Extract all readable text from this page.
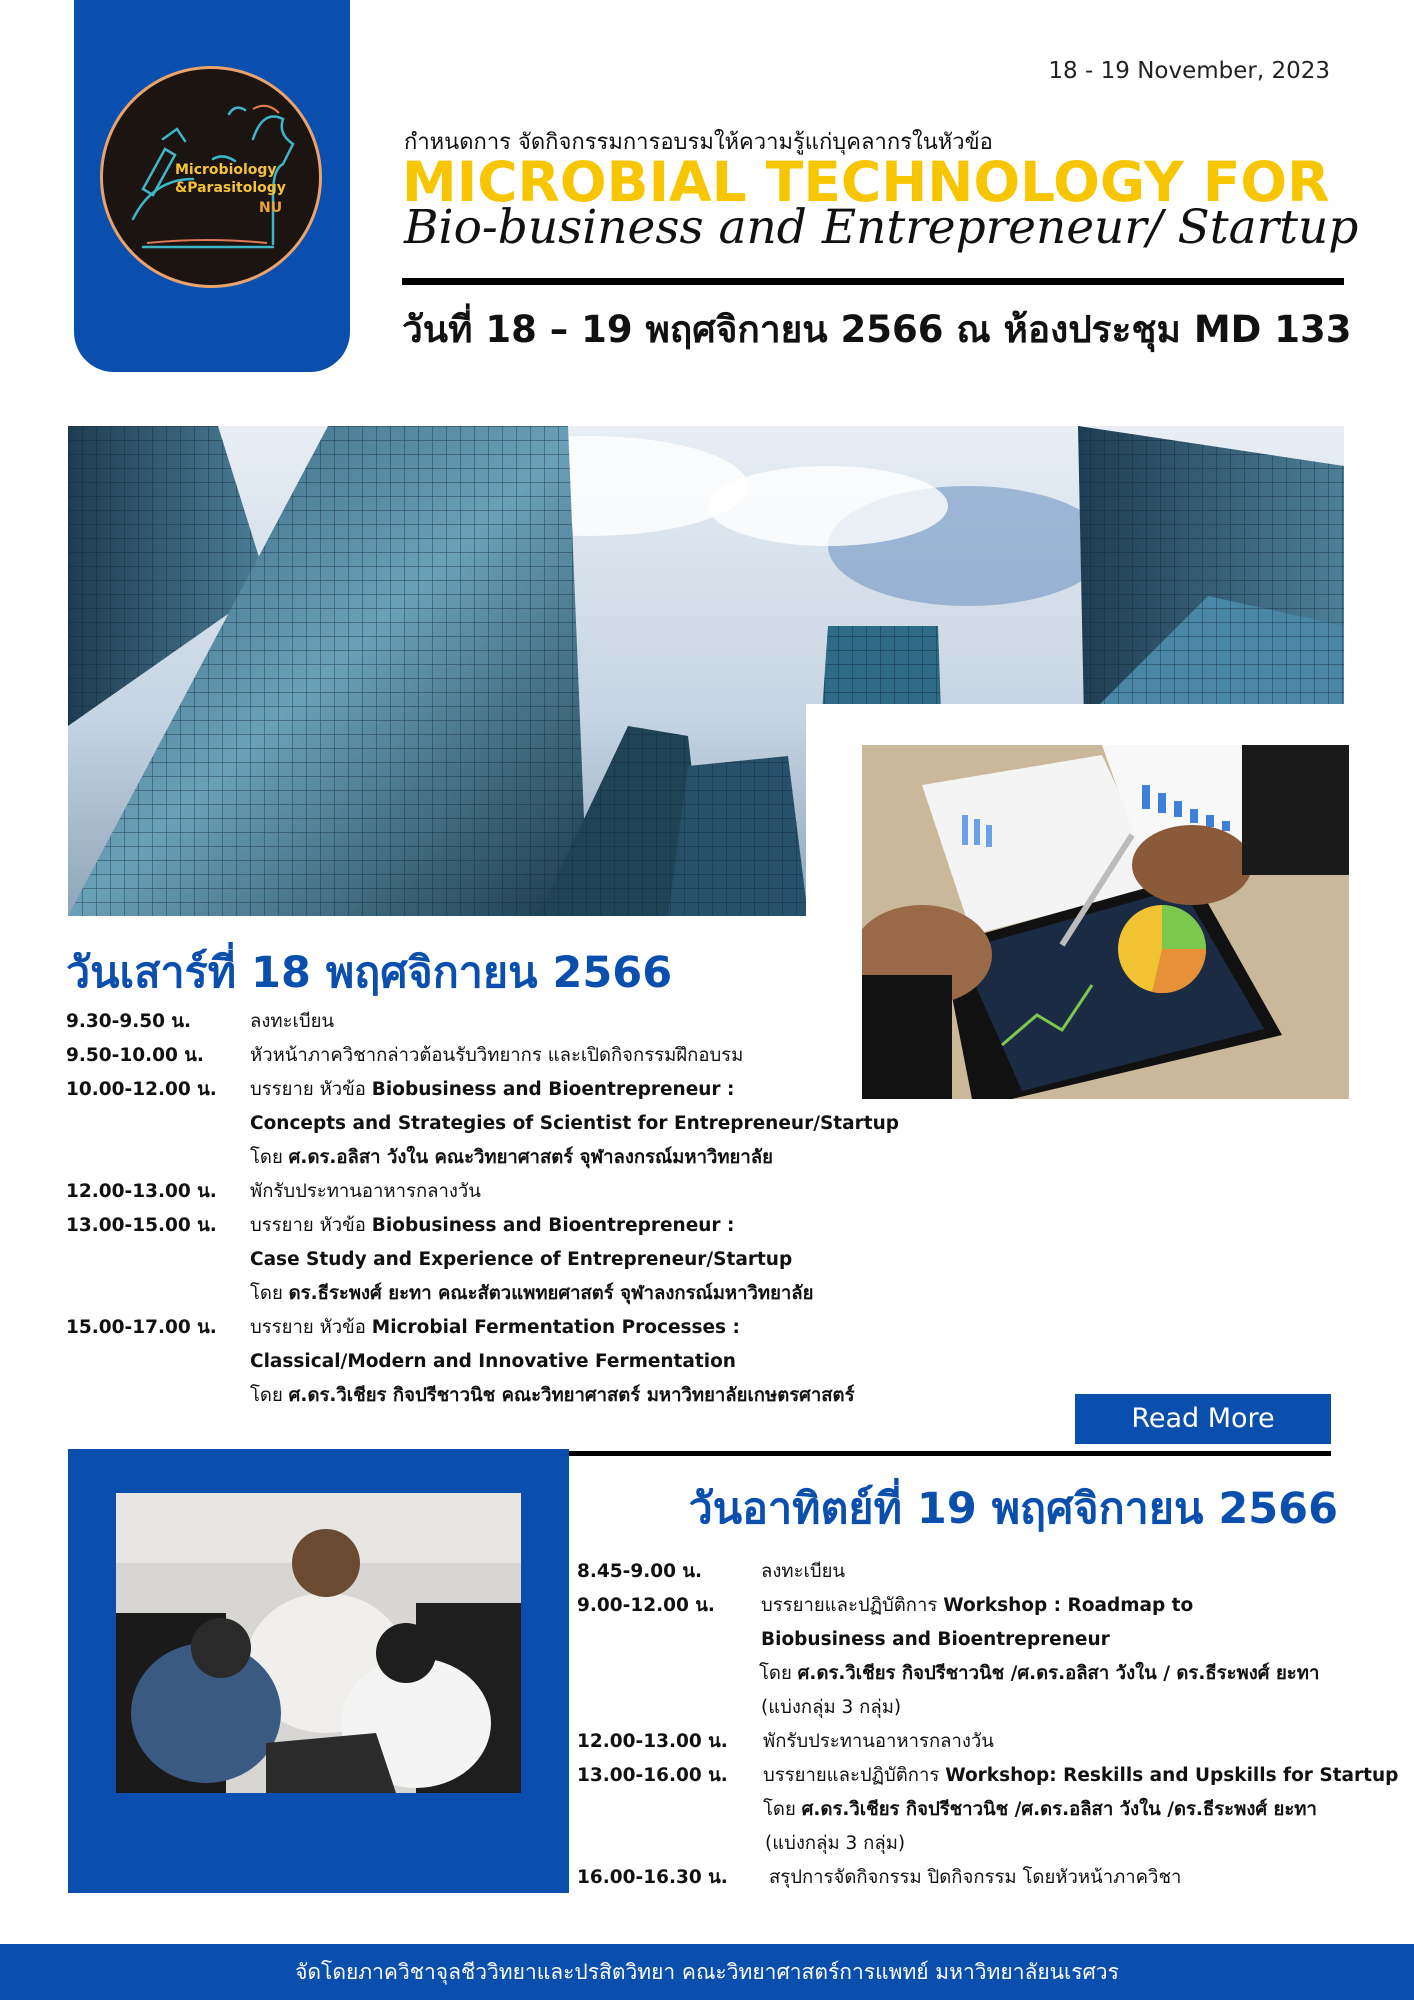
Microbiology
&Parasitology
NU
18 - 19 November, 2023
กำหนดการ จัดกิจกรรมการอบรมให้ความรู้แก่บุคลากรในหัวข้อ
MICROBIAL TECHNOLOGY FOR
Bio-business and Entrepreneur/ Startup
วันที่ 18 – 19 พฤศจิกายน 2566 ณ ห้องประชุม MD 133
วันเสาร์ที่ 18 พฤศจิกายน 2566
9.30-9.50 น.	ลงทะเบียน
9.50-10.00 น. หัวหน้าภาควิชากล่าวต้อนรับวิทยากร และเปิดกิจกรรมฝึกอบรม
10.00-12.00 น. บรรยาย หัวข้อ Biobusiness and Bioentrepreneur :
Concepts and Strategies of Scientist for Entrepreneur/Startup
โดย ศ.ดร.อลิสา วังใน คณะวิทยาศาสตร์ จุฬาลงกรณ์มหาวิทยาลัย
12.00-13.00 น. พักรับประทานอาหารกลางวัน
13.00-15.00 น. บรรยาย หัวข้อ Biobusiness and Bioentrepreneur :
Case Study and Experience of Entrepreneur/Startup
โดย ดร.ธีระพงศ์ ยะทา คณะสัตวแพทยศาสตร์ จุฬาลงกรณ์มหาวิทยาลัย
15.00-17.00 น. บรรยาย หัวข้อ Microbial Fermentation Processes :
Classical/Modern and Innovative Fermentation
โดย ศ.ดร.วิเชียร กิจปรีชาวนิช คณะวิทยาศาสตร์ มหาวิทยาลัยเกษตรศาสตร์
Read More
วันอาทิตย์ที่ 19 พฤศจิกายน 2566
8.45-9.00 น.	ลงทะเบียน
9.00-12.00 น. บรรยายและปฏิบัติการ Workshop : Roadmap to
Biobusiness and Bioentrepreneur
โดย ศ.ดร.วิเชียร กิจปรีชาวนิช /ศ.ดร.อลิสา วังใน / ดร.ธีระพงศ์ ยะทา
(แบ่งกลุ่ม 3 กลุ่ม)
12.00-13.00 น. พักรับประทานอาหารกลางวัน
13.00-16.00 น. บรรยายและปฏิบัติการ Workshop: Reskills and Upskills for Startup
โดย ศ.ดร.วิเชียร กิจปรีชาวนิช /ศ.ดร.อลิสา วังใน /ดร.ธีระพงศ์ ยะทา
(แบ่งกลุ่ม 3 กลุ่ม)
16.00-16.30 น. สรุปการจัดกิจกรรม ปิดกิจกรรม โดยหัวหน้าภาควิชา
จัดโดยภาควิชาจุลชีววิทยาและปรสิตวิทยา คณะวิทยาศาสตร์การแพทย์ มหาวิทยาลัยนเรศวร
